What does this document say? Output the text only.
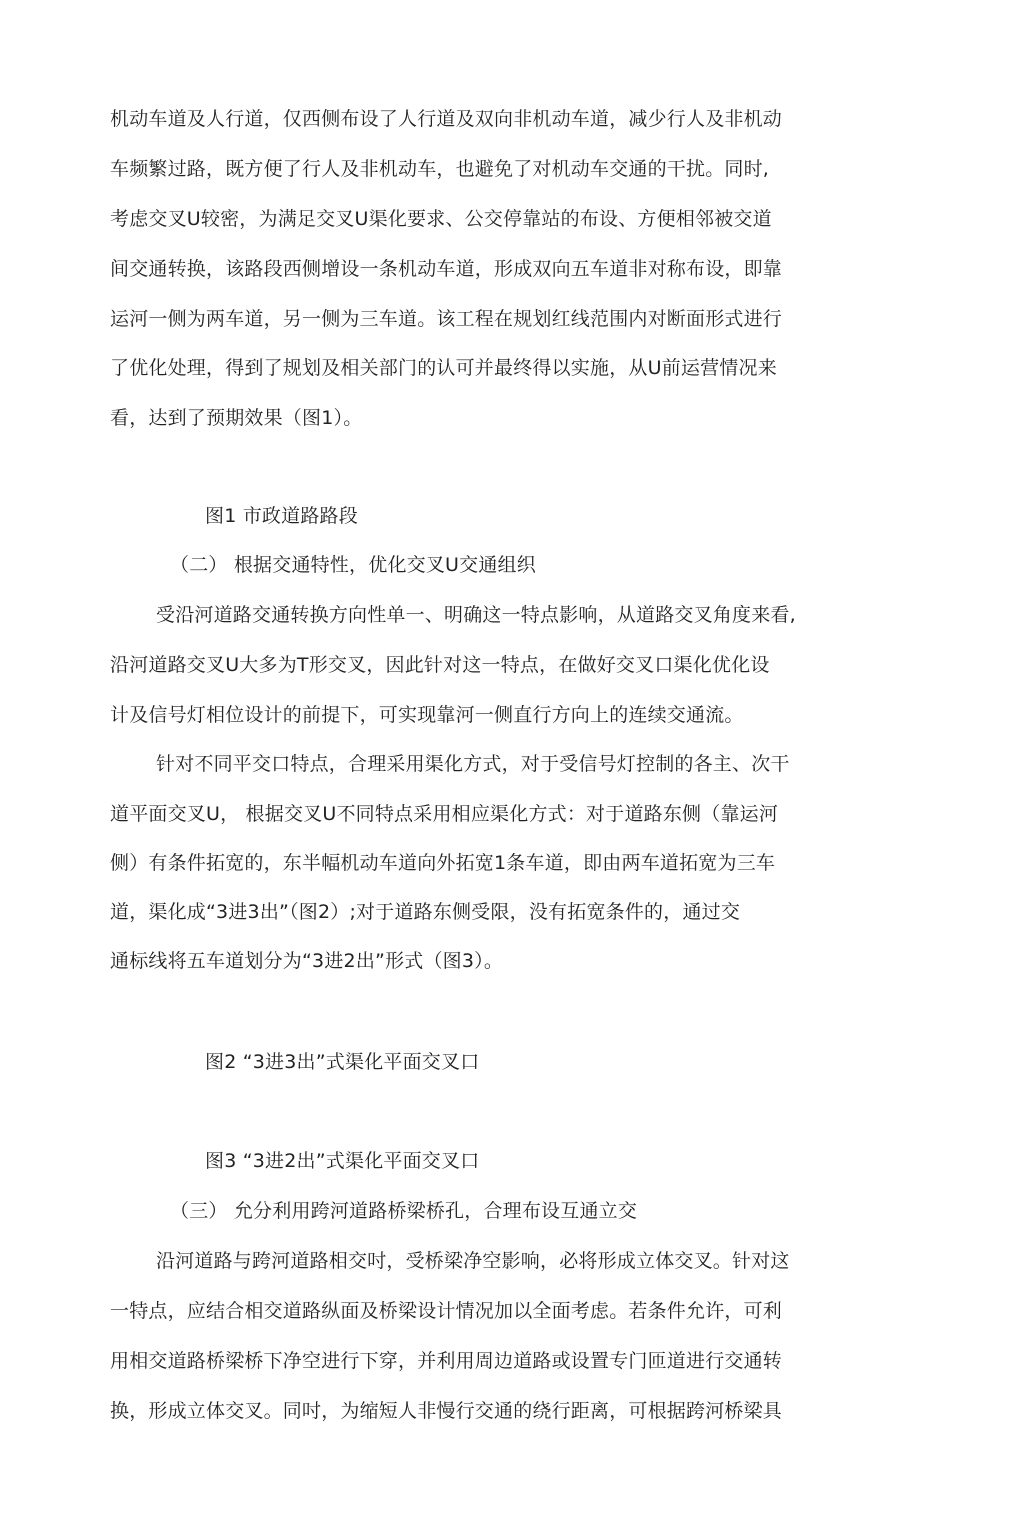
机动车道及人行道，仅西侧布设了人行道及双向非机动车道，减少行人及非机动
车频繁过路，既方便了行人及非机动车，也避免了对机动车交通的干扰。同时,
考虑交叉U较密，为满足交叉U渠化要求、公交停靠站的布设、方便相邻被交道
间交通转换，该路段西侧增设一条机动车道，形成双向五车道非对称布设，即靠
运河一侧为两车道，另一侧为三车道。该工程在规划红线范围内对断面形式进行
了优化处理，得到了规划及相关部门的认可并最终得以实施，从U前运营情况来
看，达到了预期效果（图1）。
图1 市政道路路段
（二） 根据交通特性，优化交叉U交通组织
受沿河道路交通转换方向性单一、明确这一特点影响，从道路交叉角度来看,
沿河道路交叉U大多为T形交叉，因此针对这一特点，在做好交叉口渠化优化设
计及信号灯相位设计的前提下，可实现靠河一侧直行方向上的连续交通流。
针对不同平交口特点，合理采用渠化方式，对于受信号灯控制的各主、次干
道平面交叉U， 根据交叉U不同特点采用相应渠化方式：对于道路东侧（靠运河
侧）有条件拓宽的，东半幅机动车道向外拓宽1条车道，即由两车道拓宽为三车
道，渠化成“3进3出”（图2）;对于道路东侧受限，没有拓宽条件的，通过交
通标线将五车道划分为“3进2出”形式（图3）。
图2 “3进3出”式渠化平面交叉口
图3 “3进2出”式渠化平面交叉口
（三） 允分利用跨河道路桥梁桥孔，合理布设互通立交
沿河道路与跨河道路相交吋，受桥梁净空影响，必将形成立体交叉。针对这
一特点，应结合相交道路纵面及桥梁设计情况加以全面考虑。若条件允许，可利
用相交道路桥梁桥下净空进行下穿，并利用周边道路或设置专门匝道进行交通转
换，形成立体交叉。同吋，为缩短人非慢行交通的绕行距离，可根据跨河桥梁具
